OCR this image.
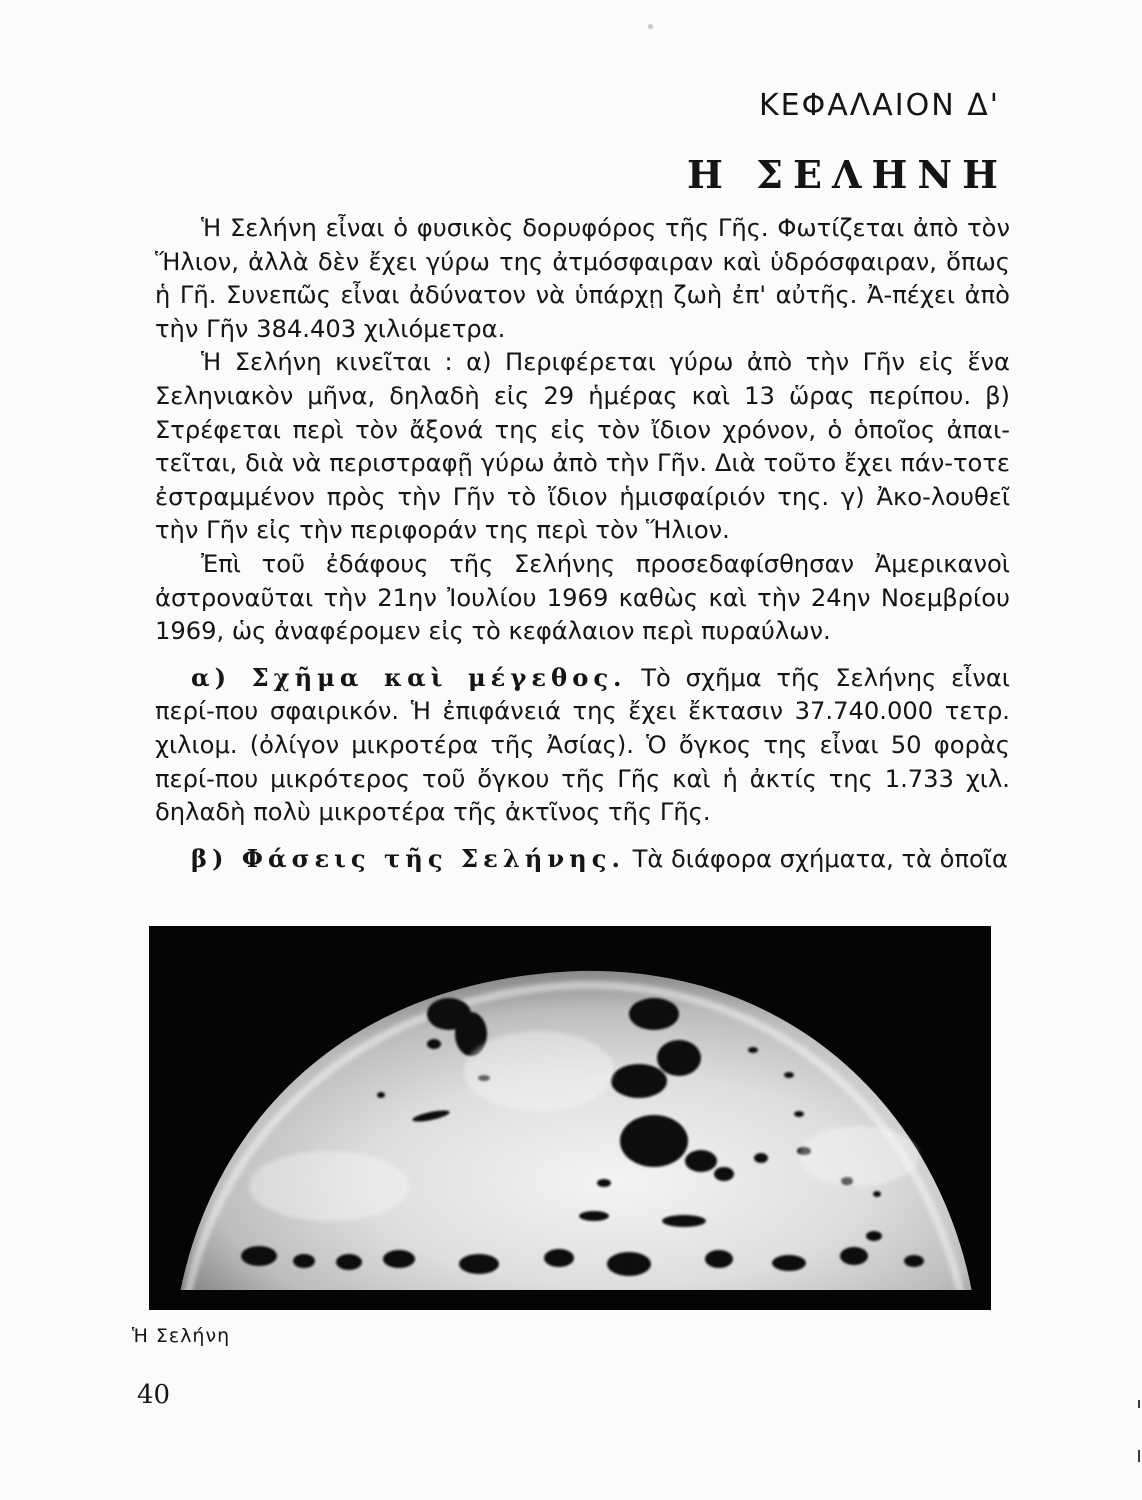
ΚΕΦΑΛΑΙΟΝ Δ'
Η ΣΕΛΗΝΗ

Ἡ Σελήνη εἶναι ὁ φυσικὸς δορυφόρος τῆς Γῆς. Φωτίζεται ἀπὸ τὸν Ἥλιον, ἀλλὰ δὲν ἔχει γύρω της ἀτμόσφαιραν καὶ ὑδρόσφαιραν, ὅπως ἡ Γῆ. Συνεπῶς εἶναι ἀδύνατον νὰ ὑπάρχῃ ζωὴ ἐπ' αὐτῆς. Ἀ-πέχει ἀπὸ τὴν Γῆν 384.403 χιλιόμετρα.

Ἡ Σελήνη κινεῖται : α) Περιφέρεται γύρω ἀπὸ τὴν Γῆν εἰς ἕνα Σεληνιακὸν μῆνα, δηλαδὴ εἰς 29 ἡμέρας καὶ 13 ὥρας περίπου. β) Στρέφεται περὶ τὸν ἄξονά της εἰς τὸν ἴδιον χρόνον, ὁ ὁποῖος ἀπαι-τεῖται, διὰ νὰ περιστραφῇ γύρω ἀπὸ τὴν Γῆν. Διὰ τοῦτο ἔχει πάν-τοτε ἐστραμμένον πρὸς τὴν Γῆν τὸ ἴδιον ἡμισφαίριόν της. γ) Ἀκο-λουθεῖ τὴν Γῆν εἰς τὴν περιφοράν της περὶ τὸν Ἥλιον.

Ἐπὶ τοῦ ἐδάφους τῆς Σελήνης προσεδαφίσθησαν Ἀμερικανοὶ ἀστροναῦται τὴν 21ην Ἰουλίου 1969 καθὼς καὶ τὴν 24ην Νοεμβρίου 1969, ὡς ἀναφέρομεν εἰς τὸ κεφάλαιον περὶ πυραύλων.

α) Σχῆμα καὶ μέγεθος. Τὸ σχῆμα τῆς Σελήνης εἶναι περί-που σφαιρικόν. Ἡ ἐπιφάνειά της ἔχει ἔκτασιν 37.740.000 τετρ. χιλιομ. (ὀλίγον μικροτέρα τῆς Ἀσίας). Ὁ ὄγκος της εἶναι 50 φορὰς περί-που μικρότερος τοῦ ὄγκου τῆς Γῆς καὶ ἡ ἀκτίς της 1.733 χιλ. δηλαδὴ πολὺ μικροτέρα τῆς ἀκτῖνος τῆς Γῆς.

β) Φάσεις τῆς Σελήνης. Τὰ διάφορα σχήματα, τὰ ὁποῖα

Ἡ Σελήνη
40
